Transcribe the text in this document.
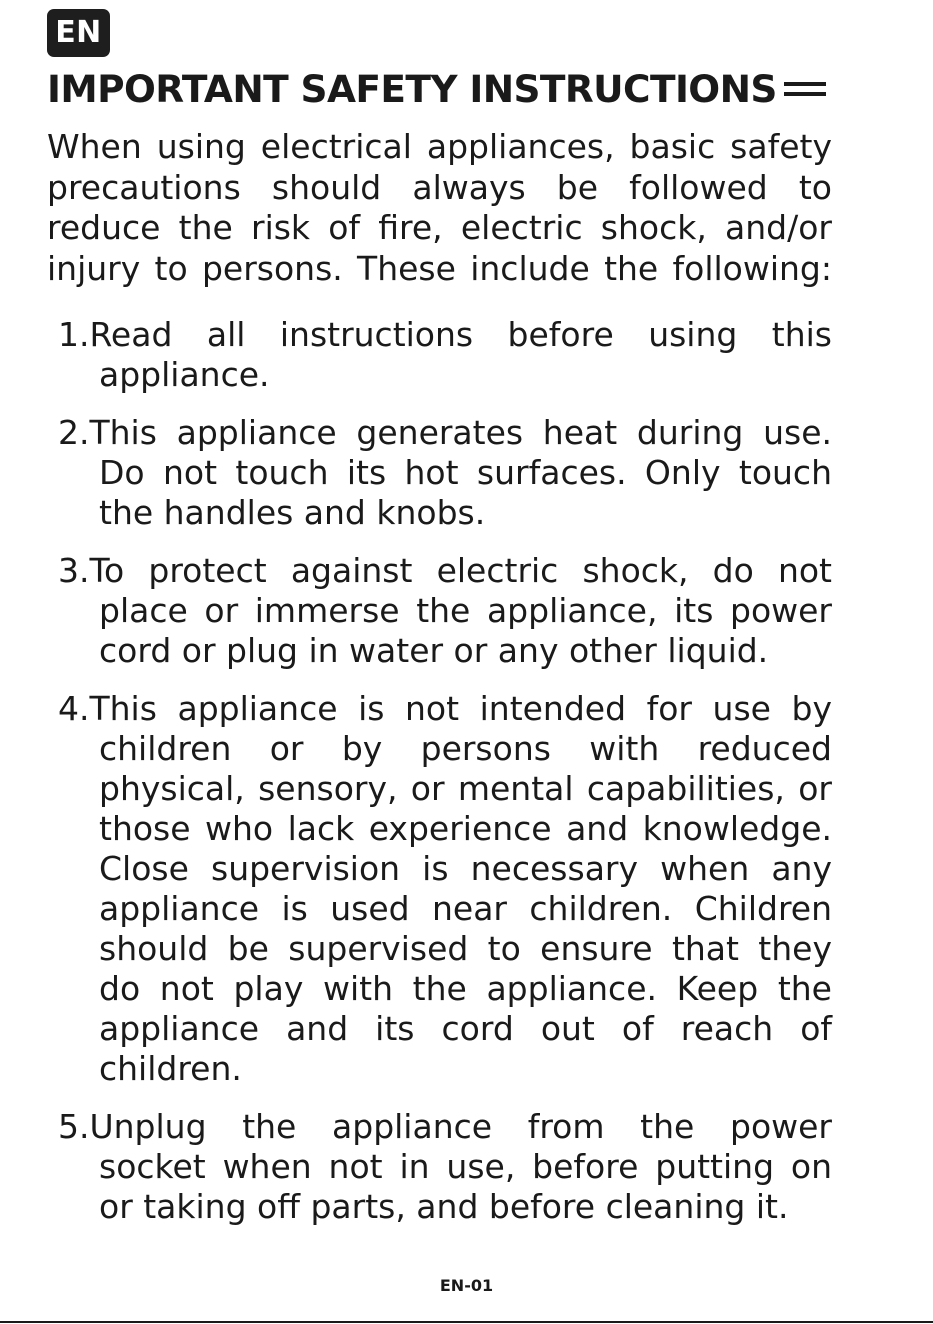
EN
IMPORTANT SAFETY INSTRUCTIONS
When using electrical appliances, basic safety
precautions should always be followed to
reduce the risk of fire, electric shock, and/or
injury to persons. These include the following:
1.Read all instructions before using this
appliance.
2.This appliance generates heat during use.
Do not touch its hot surfaces. Only touch
the handles and knobs.
3.To protect against electric shock, do not
place or immerse the appliance, its power
cord or plug in water or any other liquid.
4.This appliance is not intended for use by
children or by persons with reduced
physical, sensory, or mental capabilities, or
those who lack experience and knowledge.
Close supervision is necessary when any
appliance is used near children. Children
should be supervised to ensure that they
do not play with the appliance. Keep the
appliance and its cord out of reach of
children.
5.Unplug the appliance from the power
socket when not in use, before putting on
or taking off parts, and before cleaning it.
EN-01
